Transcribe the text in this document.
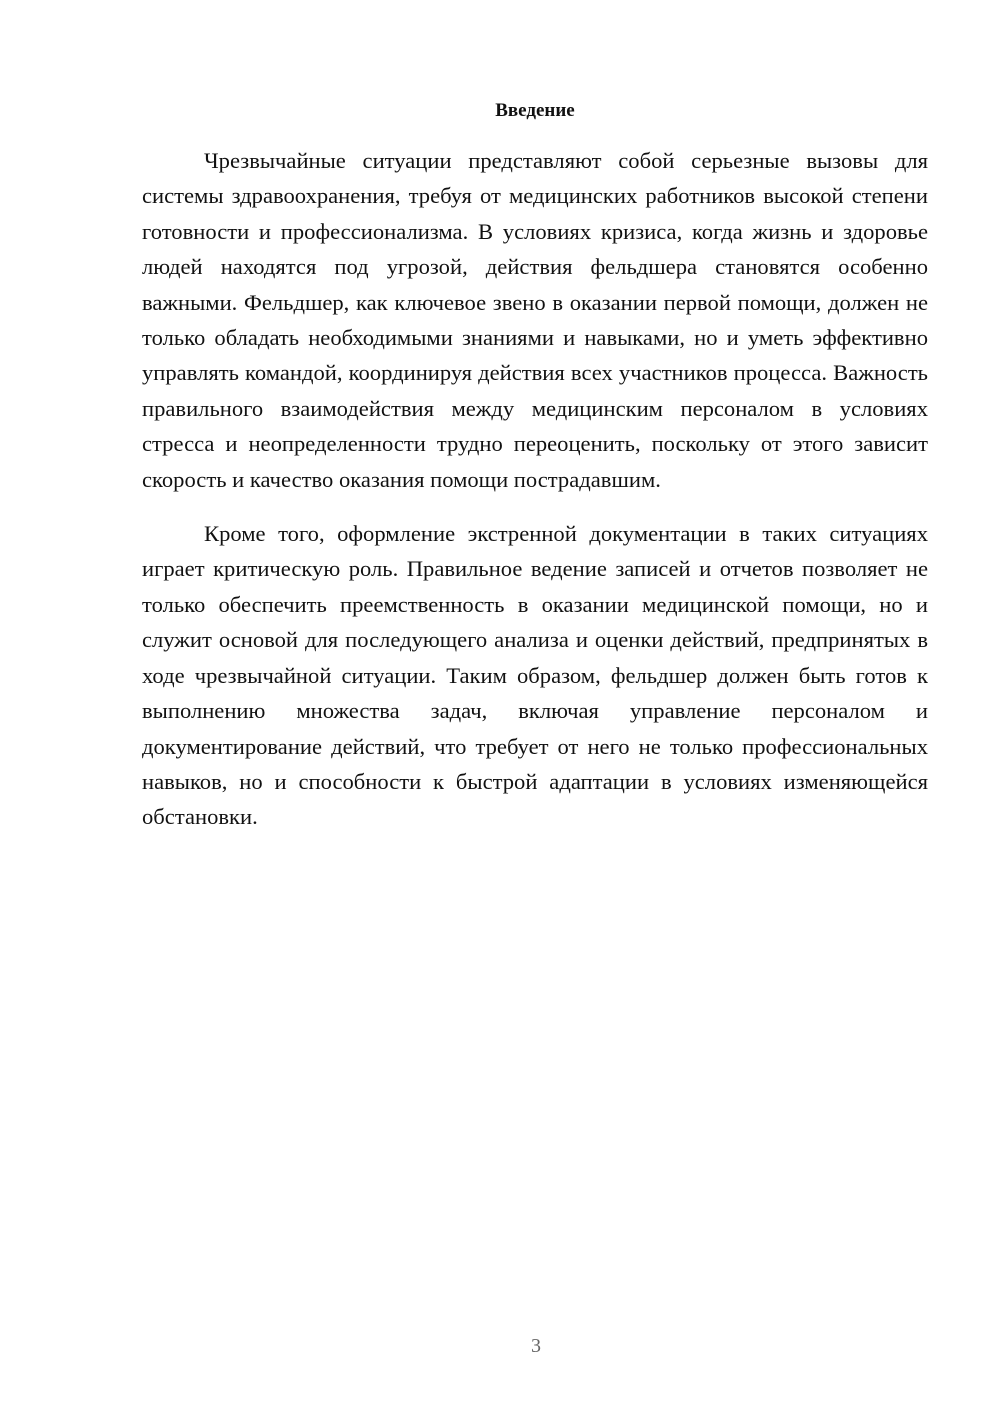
Введение

Чрезвычайные ситуации представляют собой серьезные вызовы для системы здравоохранения, требуя от медицинских работников высокой степени готовности и профессионализма. В условиях кризиса, когда жизнь и здоровье людей находятся под угрозой, действия фельдшера становятся особенно важными. Фельдшер, как ключевое звено в оказании первой помощи, должен не только обладать необходимыми знаниями и навыками, но и уметь эффективно управлять командой, координируя действия всех участников процесса. Важность правильного взаимодействия между медицинским персоналом в условиях стресса и неопределенности трудно переоценить, поскольку от этого зависит скорость и качество оказания помощи пострадавшим.

Кроме того, оформление экстренной документации в таких ситуациях играет критическую роль. Правильное ведение записей и отчетов позволяет не только обеспечить преемственность в оказании медицинской помощи, но и служит основой для последующего анализа и оценки действий, предпринятых в ходе чрезвычайной ситуации. Таким образом, фельдшер должен быть готов к выполнению множества задач, включая управление персоналом и документирование действий, что требует от него не только профессиональных навыков, но и способности к быстрой адаптации в условиях изменяющейся обстановки.

3
